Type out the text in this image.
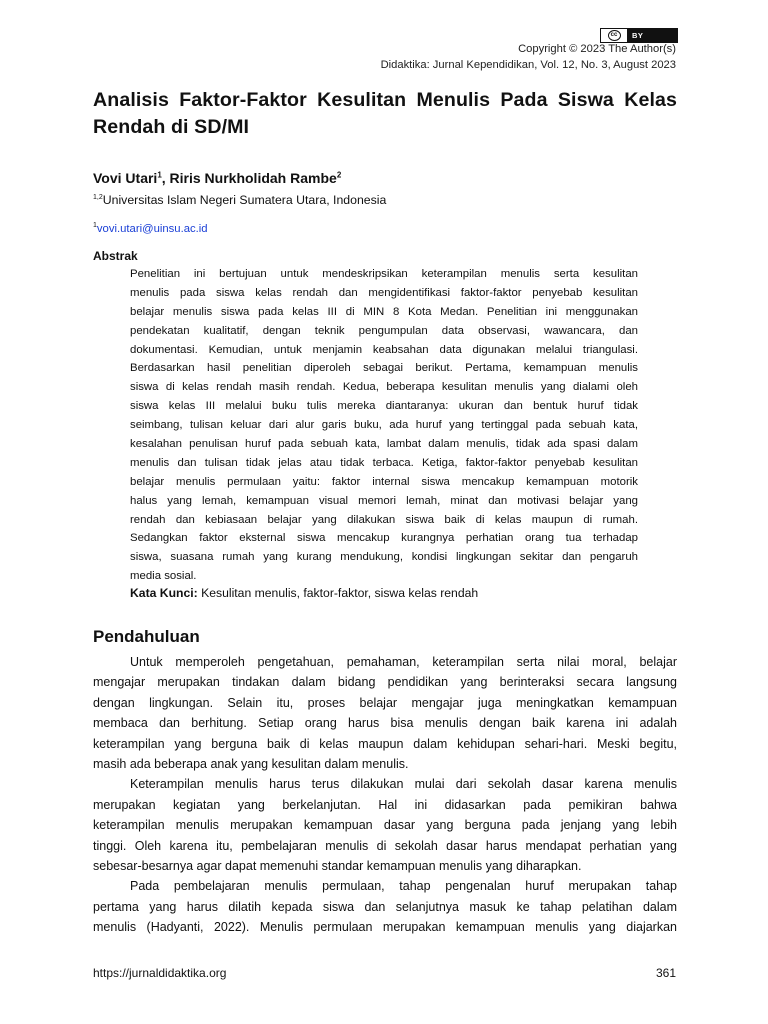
cc	BY
Copyright © 2023 The Author(s)
Didaktika: Jurnal Kependidikan, Vol. 12, No. 3, August 2023
Analisis Faktor-Faktor Kesulitan Menulis Pada Siswa Kelas
Rendah di SD/MI
Vovi Utari$^1$, Riris Nurkholidah Rambe$^2$
$^{1,2}$Universitas Islam Negeri Sumatera Utara, Indonesia
$^1$vovi.utari@uinsu.ac.id
Abstrak
Penelitian ini bertujuan untuk mendeskripsikan keterampilan menulis serta kesulitan
menulis pada siswa kelas rendah dan mengidentifikasi faktor-faktor penyebab kesulitan
belajar menulis siswa pada kelas III di MIN 8 Kota Medan. Penelitian ini menggunakan
pendekatan kualitatif, dengan teknik pengumpulan data observasi, wawancara, dan
dokumentasi. Kemudian, untuk menjamin keabsahan data digunakan melalui triangulasi.
Berdasarkan hasil penelitian diperoleh sebagai berikut. Pertama, kemampuan menulis
siswa di kelas rendah masih rendah. Kedua, beberapa kesulitan menulis yang dialami oleh
siswa kelas III melalui buku tulis mereka diantaranya: ukuran dan bentuk huruf tidak
seimbang, tulisan keluar dari alur garis buku, ada huruf yang tertinggal pada sebuah kata,
kesalahan penulisan huruf pada sebuah kata, lambat dalam menulis, tidak ada spasi dalam
menulis dan tulisan tidak jelas atau tidak terbaca. Ketiga, faktor-faktor penyebab kesulitan
belajar menulis permulaan yaitu: faktor internal siswa mencakup kemampuan motorik
halus yang lemah, kemampuan visual memori lemah, minat dan motivasi belajar yang
rendah dan kebiasaan belajar yang dilakukan siswa baik di kelas maupun di rumah.
Sedangkan faktor eksternal siswa mencakup kurangnya perhatian orang tua terhadap
siswa, suasana rumah yang kurang mendukung, kondisi lingkungan sekitar dan pengaruh
media sosial.
Kata Kunci: Kesulitan menulis, faktor-faktor, siswa kelas rendah
Pendahuluan
Untuk memperoleh pengetahuan, pemahaman, keterampilan serta nilai moral, belajar
mengajar merupakan tindakan dalam bidang pendidikan yang berinteraksi secara langsung
dengan lingkungan. Selain itu, proses belajar mengajar juga meningkatkan kemampuan
membaca dan berhitung. Setiap orang harus bisa menulis dengan baik karena ini adalah
keterampilan yang berguna baik di kelas maupun dalam kehidupan sehari-hari. Meski begitu,
masih ada beberapa anak yang kesulitan dalam menulis.
Keterampilan menulis harus terus dilakukan mulai dari sekolah dasar karena menulis
merupakan kegiatan yang berkelanjutan. Hal ini didasarkan pada pemikiran bahwa
keterampilan menulis merupakan kemampuan dasar yang berguna pada jenjang yang lebih
tinggi. Oleh karena itu, pembelajaran menulis di sekolah dasar harus mendapat perhatian yang
sebesar-besarnya agar dapat memenuhi standar kemampuan menulis yang diharapkan.
Pada pembelajaran menulis permulaan, tahap pengenalan huruf merupakan tahap
pertama yang harus dilatih kepada siswa dan selanjutnya masuk ke tahap pelatihan dalam
menulis (Hadyanti, 2022). Menulis permulaan merupakan kemampuan menulis yang diajarkan
https://jurnaldidaktika.org	361
